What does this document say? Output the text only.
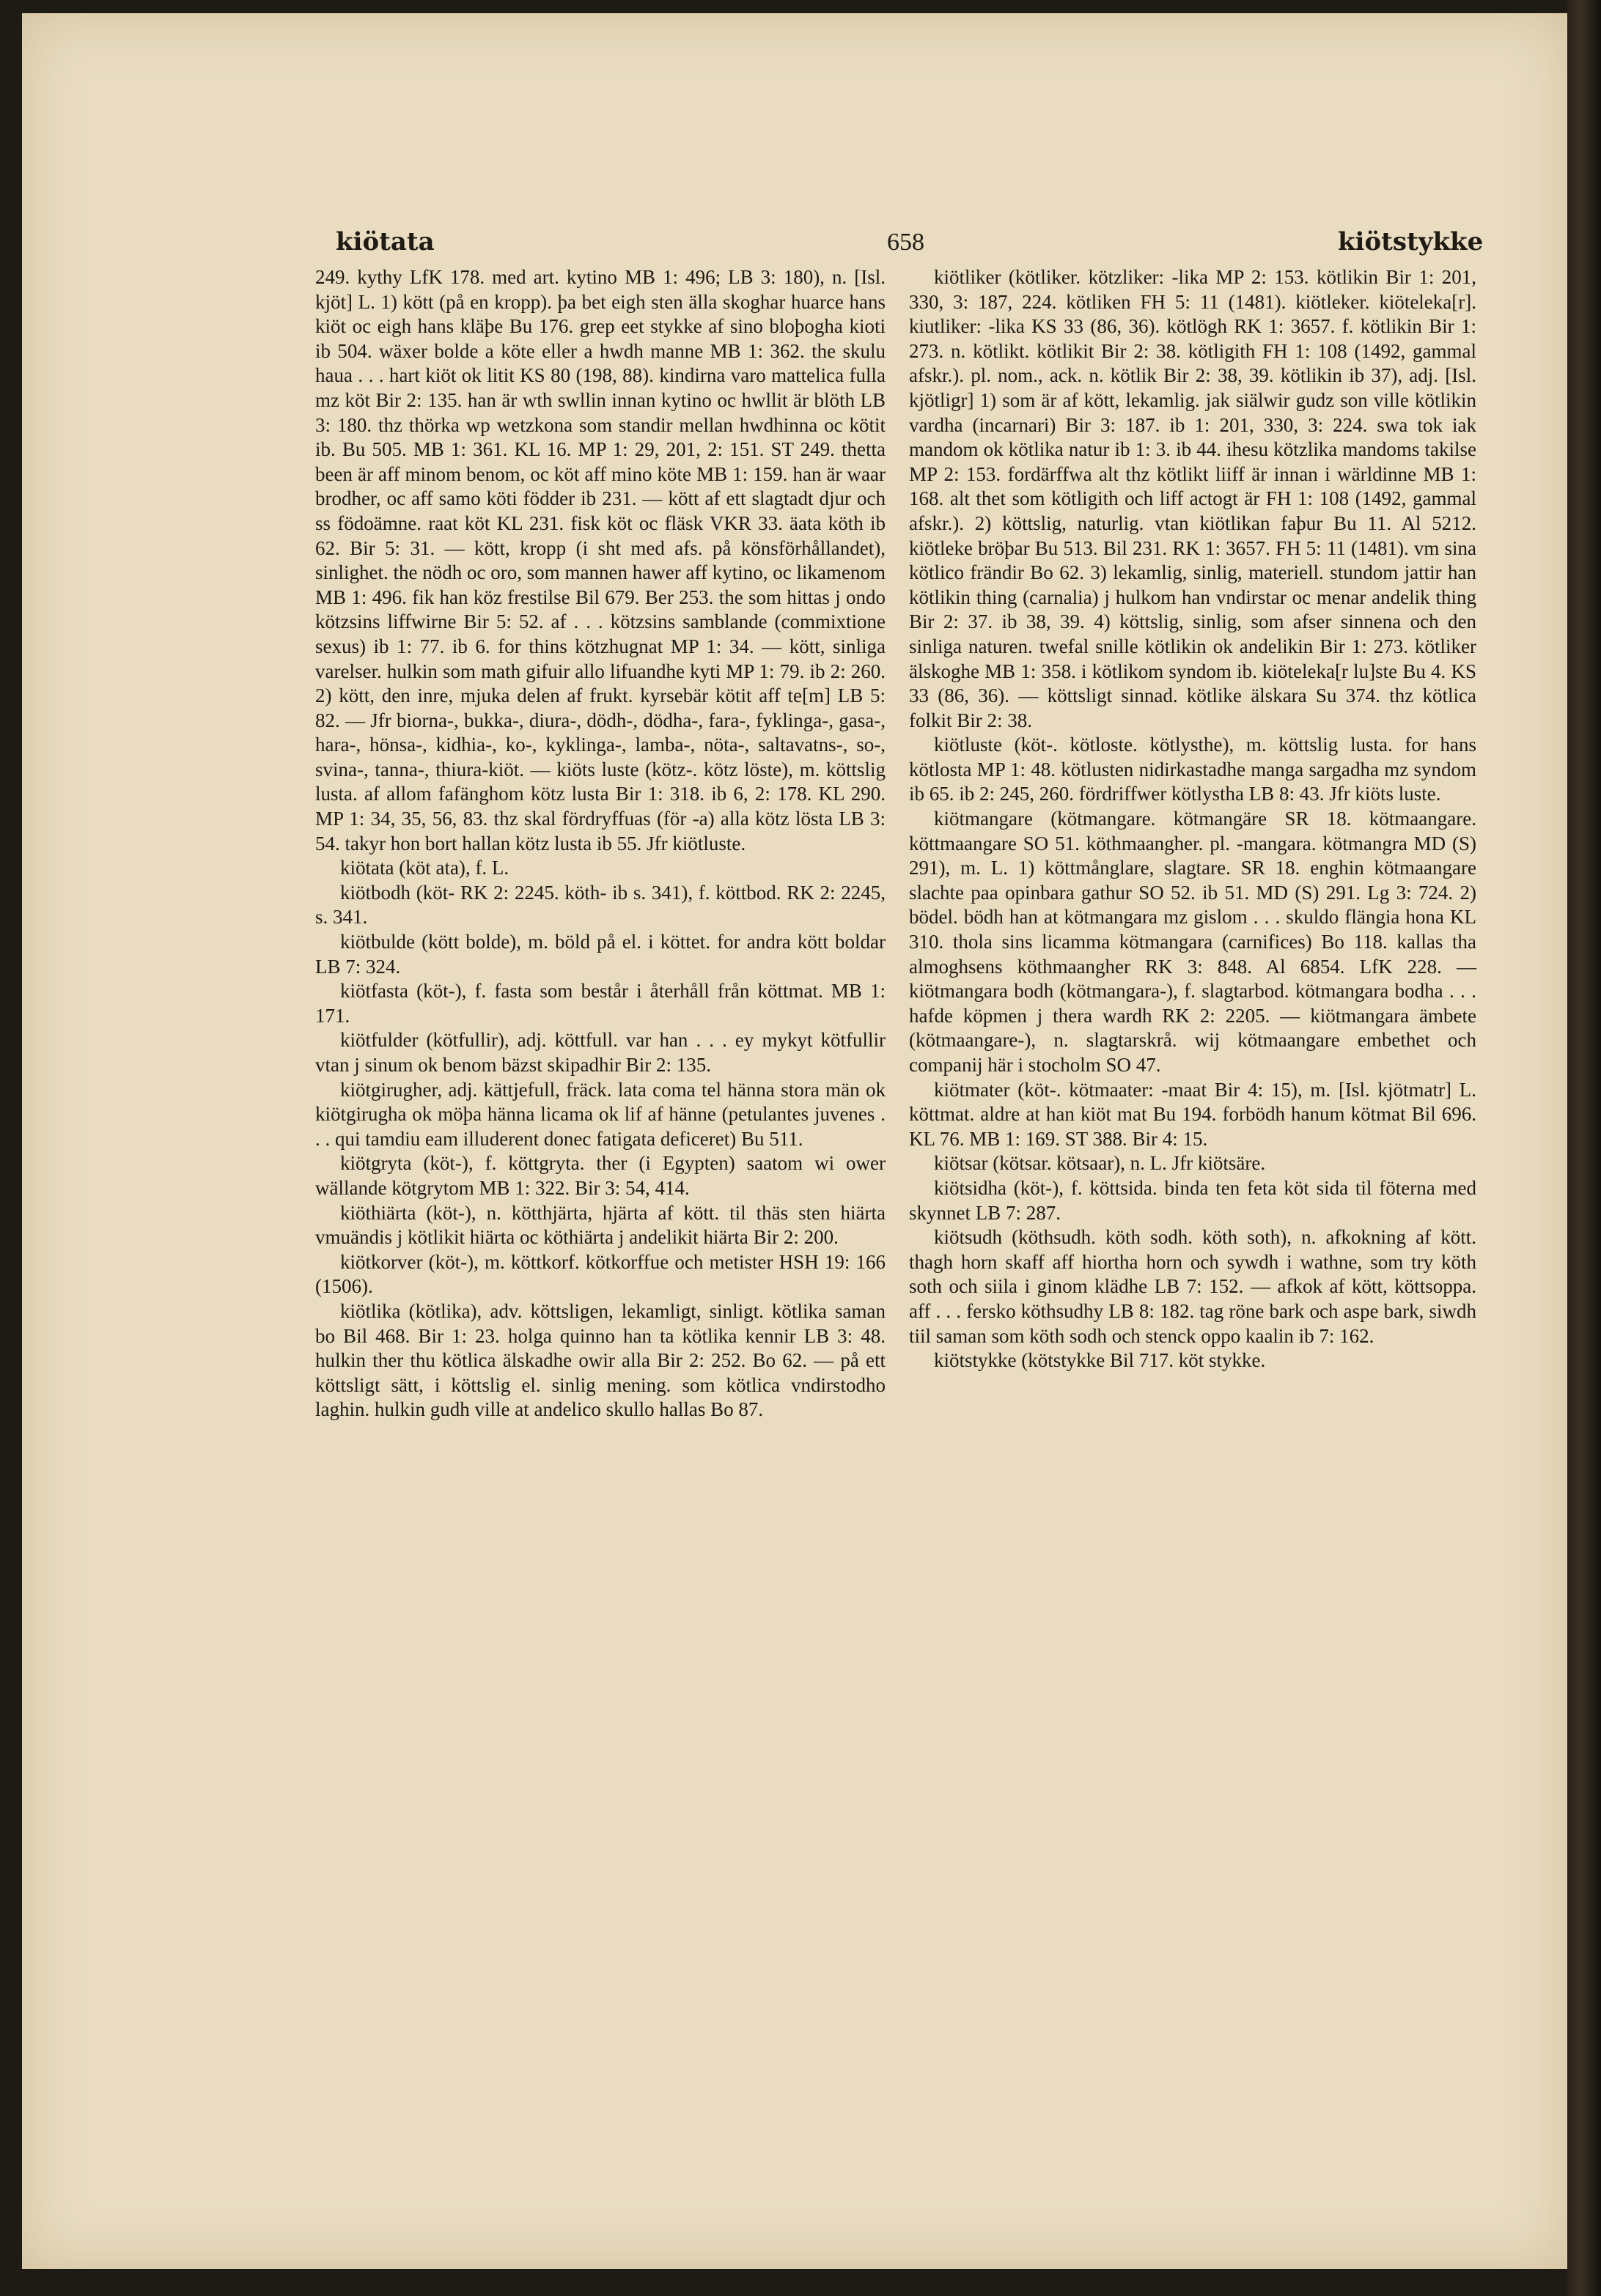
kiötata	658	kiötstykke

249. kythy LfK 178. med art. kytino MB 1: 496; LB 3: 180), n. [Isl. kjöt] L. 1) kött (på en kropp). þa bet eigh sten älla skoghar huarce hans kiöt oc eigh hans kläþe Bu 176. grep eet stykke af sino bloþogha kioti ib 504. wäxer bolde a köte eller a hwdh manne MB 1: 362. the skulu haua . . . hart kiöt ok litit KS 80 (198, 88). kindirna varo mattelica fulla mz köt Bir 2: 135. han är wth swllin innan kytino oc hwllit är blöth LB 3: 180. thz thörka wp wetzkona som standir mellan hwdhinna oc kötit ib. Bu 505. MB 1: 361. KL 16. MP 1: 29, 201, 2: 151. ST 249. thetta been är aff minom benom, oc köt aff mino köte MB 1: 159. han är waar brodher, oc aff samo köti födder ib 231. — kött af ett slagtadt djur och ss födoämne. raat köt KL 231. fisk köt oc fläsk VKR 33. äata köth ib 62. Bir 5: 31. — kött, kropp (i sht med afs. på könsförhållandet), sinlighet. the nödh oc oro, som mannen hawer aff kytino, oc likamenom MB 1: 496. fik han köz frestilse Bil 679. Ber 253. the som hittas j ondo kötzsins liffwirne Bir 5: 52. af . . . kötzsins samblande (commixtione sexus) ib 1: 77. ib 6. for thins kötzhugnat MP 1: 34. — kött, sinliga varelser. hulkin som math gifuir allo lifuandhe kyti MP 1: 79. ib 2: 260. 2) kött, den inre, mjuka delen af frukt. kyrsebär kötit aff te[m] LB 5: 82. — Jfr biorna-, bukka-, diura-, dödh-, dödha-, fara-, fyklinga-, gasa-, hara-, hönsa-, kidhia-, ko-, kyklinga-, lamba-, nöta-, saltavatns-, so-, svina-, tanna-, thiura-kiöt. — kiöts luste (kötz-. kötz löste), m. köttslig lusta. af allom fafänghom kötz lusta Bir 1: 318. ib 6, 2: 178. KL 290. MP 1: 34, 35, 56, 83. thz skal fördryffuas (för -a) alla kötz lösta LB 3: 54. takyr hon bort hallan kötz lusta ib 55. Jfr kiötluste.

kiötata (köt ata), f. L.

kiötbodh (köt- RK 2: 2245. köth- ib s. 341), f. köttbod. RK 2: 2245, s. 341.

kiötbulde (kött bolde), m. böld på el. i köttet. for andra kött boldar LB 7: 324.

kiötfasta (köt-), f. fasta som består i återhåll från köttmat. MB 1: 171.

kiötfulder (kötfullir), adj. köttfull. var han . . . ey mykyt kötfullir vtan j sinum ok benom bäzst skipadhir Bir 2: 135.

kiötgirugher, adj. kättjefull, fräck. lata coma tel hänna stora män ok kiötgirugha ok möþa hänna licama ok lif af hänne (petulantes juvenes . . . qui tamdiu eam illuderent donec fatigata deficeret) Bu 511.

kiötgryta (köt-), f. köttgryta. ther (i Egypten) saatom wi ower wällande kötgrytom MB 1: 322. Bir 3: 54, 414.

kiöthiärta (köt-), n. kötthjärta, hjärta af kött. til thäs sten hiärta vmuändis j kötlikit hiärta oc köthiärta j andelikit hiärta Bir 2: 200.

kiötkorver (köt-), m. köttkorf. kötkorffue och metister HSH 19: 166 (1506).

kiötlika (kötlika), adv. köttsligen, lekamligt, sinligt. kötlika saman bo Bil 468. Bir 1: 23. holga quinno han ta kötlika kennir LB 3: 48. hulkin ther thu kötlica älskadhe owir alla Bir 2: 252. Bo 62. — på ett köttsligt sätt, i köttslig el. sinlig mening. som kötlica vndirstodho laghin. hulkin gudh ville at andelico skullo hallas Bo 87.

kiötliker (kötliker. kötzliker: -lika MP 2: 153. kötlikin Bir 1: 201, 330, 3: 187, 224. kötliken FH 5: 11 (1481). kiötleker. kiöteleka[r]. kiutliker: -lika KS 33 (86, 36). kötlögh RK 1: 3657. f. kötlikin Bir 1: 273. n. kötlikt. kötlikit Bir 2: 38. kötligith FH 1: 108 (1492, gammal afskr.). pl. nom., ack. n. kötlik Bir 2: 38, 39. kötlikin ib 37), adj. [Isl. kjötligr] 1) som är af kött, lekamlig. jak siälwir gudz son ville kötlikin vardha (incarnari) Bir 3: 187. ib 1: 201, 330, 3: 224. swa tok iak mandom ok kötlika natur ib 1: 3. ib 44. ihesu kötzlika mandoms takilse MP 2: 153. fordärffwa alt thz kötlikt liiff är innan i wärldinne MB 1: 168. alt thet som kötligith och liff actogt är FH 1: 108 (1492, gammal afskr.). 2) köttslig, naturlig. vtan kiötlikan faþur Bu 11. Al 5212. kiötleke bröþar Bu 513. Bil 231. RK 1: 3657. FH 5: 11 (1481). vm sina kötlico frändir Bo 62. 3) lekamlig, sinlig, materiell. stundom jattir han kötlikin thing (carnalia) j hulkom han vndirstar oc menar andelik thing Bir 2: 37. ib 38, 39. 4) köttslig, sinlig, som afser sinnena och den sinliga naturen. twefal snille kötlikin ok andelikin Bir 1: 273. kötliker älskoghe MB 1: 358. i kötlikom syndom ib. kiöteleka[r lu]ste Bu 4. KS 33 (86, 36). — köttsligt sinnad. kötlike älskara Su 374. thz kötlica folkit Bir 2: 38.

kiötluste (köt-. kötloste. kötlysthe), m. köttslig lusta. for hans kötlosta MP 1: 48. kötlusten nidirkastadhe manga sargadha mz syndom ib 65. ib 2: 245, 260. fördriffwer kötlystha LB 8: 43. Jfr kiöts luste.

kiötmangare (kötmangare. kötmangäre SR 18. kötmaangare. köttmaangare SO 51. köthmaangher. pl. -mangara. kötmangra MD (S) 291), m. L. 1) köttmånglare, slagtare. SR 18. enghin kötmaangare slachte paa opinbara gathur SO 52. ib 51. MD (S) 291. Lg 3: 724. 2) bödel. bödh han at kötmangara mz gislom . . . skuldo flängia hona KL 310. thola sins licamma kötmangara (carnifices) Bo 118. kallas tha almoghsens köthmaangher RK 3: 848. Al 6854. LfK 228. — kiötmangara bodh (kötmangara-), f. slagtarbod. kötmangara bodha . . . hafde köpmen j thera wardh RK 2: 2205. — kiötmangara ämbete (kötmaangare-), n. slagtarskrå. wij kötmaangare embethet och companij här i stocholm SO 47.

kiötmater (köt-. kötmaater: -maat Bir 4: 15), m. [Isl. kjötmatr] L. köttmat. aldre at han kiöt mat Bu 194. forbödh hanum kötmat Bil 696. KL 76. MB 1: 169. ST 388. Bir 4: 15.

kiötsar (kötsar. kötsaar), n. L. Jfr kiötsäre.

kiötsidha (köt-), f. köttsida. binda ten feta köt sida til föterna med skynnet LB 7: 287.

kiötsudh (köthsudh. köth sodh. köth soth), n. afkokning af kött. thagh horn skaff aff hiortha horn och sywdh i wathne, som try köth soth och siila i ginom klädhe LB 7: 152. — afkok af kött, köttsoppa. aff . . . fersko köthsudhy LB 8: 182. tag röne bark och aspe bark, siwdh tiil saman som köth sodh och stenck oppo kaalin ib 7: 162.

kiötstykke (kötstykke Bil 717. köt stykke.
